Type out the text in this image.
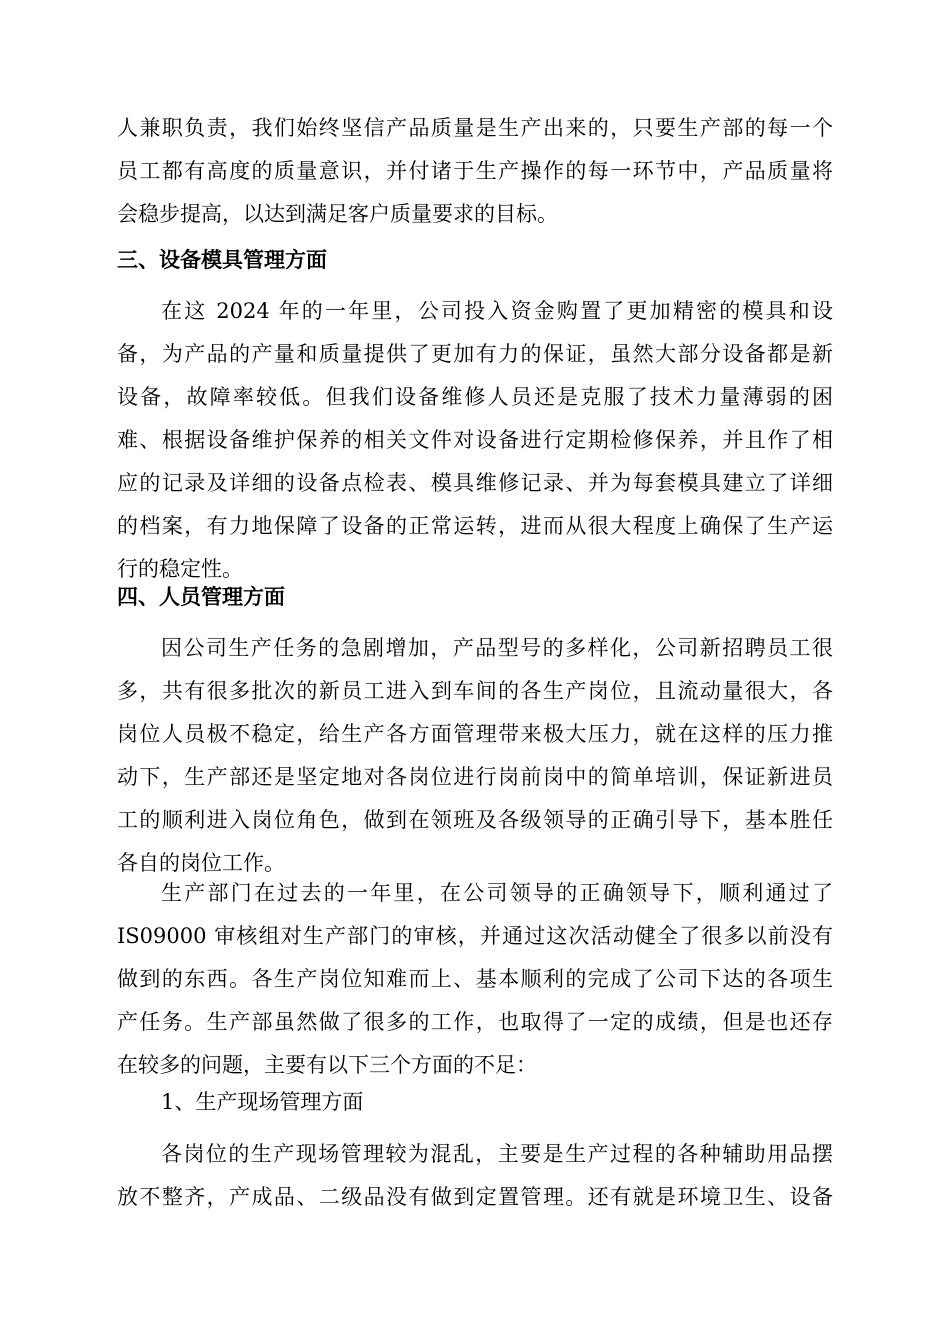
人兼职负责，我们始终坚信产品质量是生产出来的，只要生产部的每一个
员工都有高度的质量意识，并付诸于生产操作的每一环节中，产品质量将
会稳步提高，以达到满足客户质量要求的目标。
三、设备模具管理方面
在这 2024 年的一年里，公司投入资金购置了更加精密的模具和设
备，为产品的产量和质量提供了更加有力的保证，虽然大部分设备都是新
设备，故障率较低。但我们设备维修人员还是克服了技术力量薄弱的困
难、根据设备维护保养的相关文件对设备进行定期检修保养，并且作了相
应的记录及详细的设备点检表、模具维修记录、并为每套模具建立了详细
的档案，有力地保障了设备的正常运转，进而从很大程度上确保了生产运
行的稳定性。
四、人员管理方面
因公司生产任务的急剧增加，产品型号的多样化，公司新招聘员工很
多，共有很多批次的新员工进入到车间的各生产岗位，且流动量很大，各
岗位人员极不稳定，给生产各方面管理带来极大压力，就在这样的压力推
动下，生产部还是坚定地对各岗位进行岗前岗中的简单培训，保证新进员
工的顺利进入岗位角色，做到在领班及各级领导的正确引导下，基本胜任
各自的岗位工作。
生产部门在过去的一年里，在公司领导的正确领导下，顺利通过了
IS09000 审核组对生产部门的审核，并通过这次活动健全了很多以前没有
做到的东西。各生产岗位知难而上、基本顺利的完成了公司下达的各项生
产任务。生产部虽然做了很多的工作，也取得了一定的成绩，但是也还存
在较多的问题，主要有以下三个方面的不足：
1、生产现场管理方面
各岗位的生产现场管理较为混乱，主要是生产过程的各种辅助用品摆
放不整齐，产成品、二级品没有做到定置管理。还有就是环境卫生、设备
